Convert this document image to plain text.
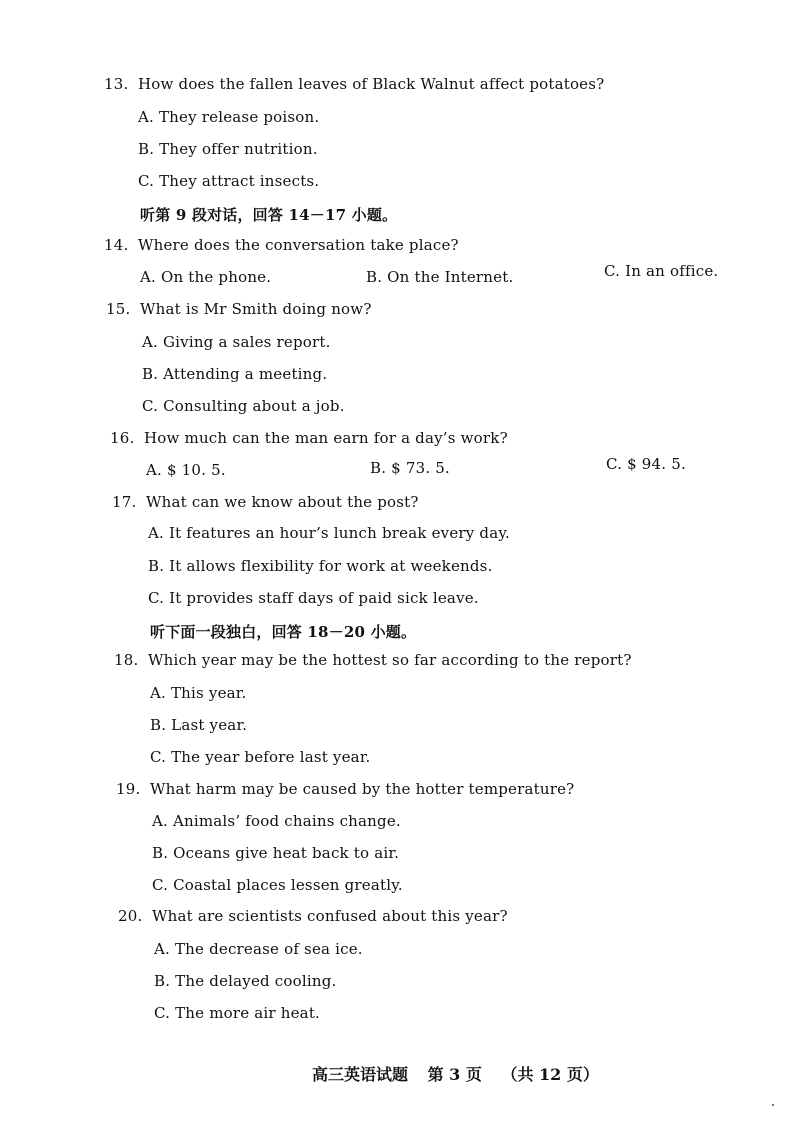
13. How does the fallen leaves of Black Walnut affect potatoes?
A. They release poison.
B. They offer nutrition.
C. They attract insects.
听第 9 段对话，回答 14－17 小题。
14. Where does the conversation take place?
A. On the phone.	B. On the Internet.	C. In an office.
15. What is Mr Smith doing now?
A. Giving a sales report.
B. Attending a meeting.
C. Consulting about a job.
16. How much can the man earn for a day’s work?
A. $ 10. 5.	B. $ 73. 5.	C. $ 94. 5.
17. What can we know about the post?
A. It features an hour’s lunch break every day.
B. It allows flexibility for work at weekends.
C. It provides staff days of paid sick leave.
听下面一段独白，回答 18－20 小题。
18. Which year may be the hottest so far according to the report?
A. This year.
B. Last year.
C. The year before last year.
19. What harm may be caused by the hotter temperature?
A. Animals’ food chains change.
B. Oceans give heat back to air.
C. Coastal places lessen greatly.
20. What are scientists confused about this year?
A. The decrease of sea ice.
B. The delayed cooling.
C. The more air heat.
高三英语试题 第 3 页 （共 12 页）
